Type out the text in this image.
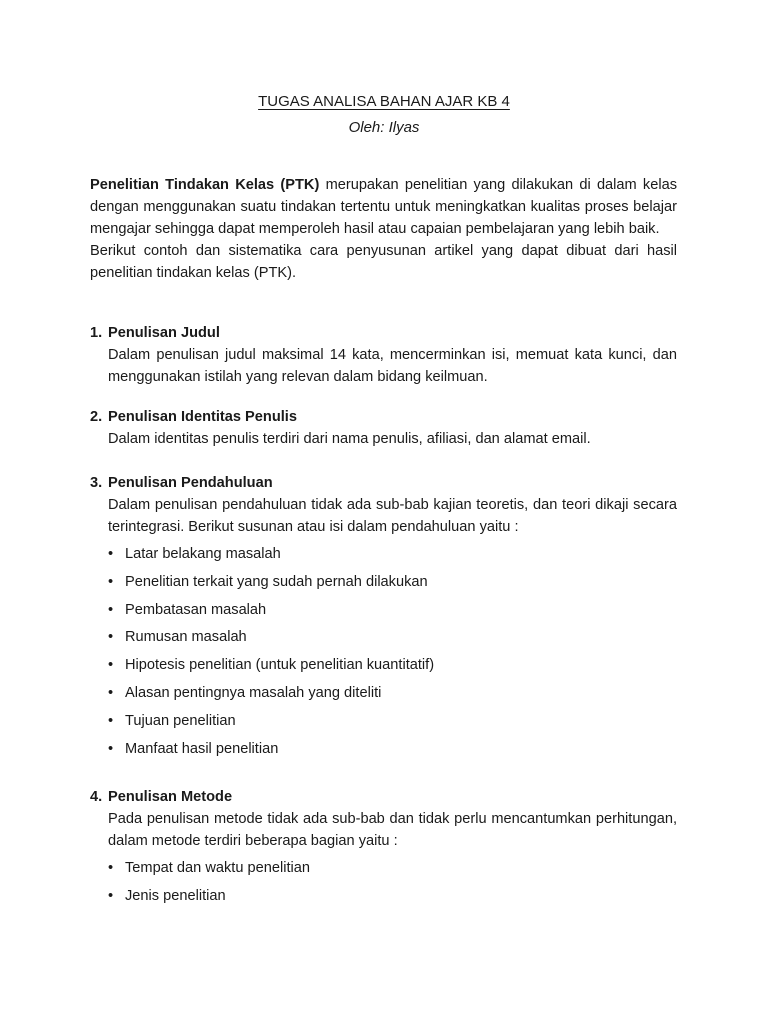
TUGAS ANALISA BAHAN AJAR KB 4
Oleh: Ilyas

Penelitian Tindakan Kelas (PTK) merupakan penelitian yang dilakukan di dalam kelas dengan menggunakan suatu tindakan tertentu untuk meningkatkan kualitas proses belajar mengajar sehingga dapat memperoleh hasil atau capaian pembelajaran yang lebih baik.

Berikut contoh dan sistematika cara penyusunan artikel yang dapat dibuat dari hasil penelitian tindakan kelas (PTK).

1. Penulisan Judul

Dalam penulisan judul maksimal 14 kata, mencerminkan isi, memuat kata kunci, dan menggunakan istilah yang relevan dalam bidang keilmuan.

2. Penulisan Identitas Penulis

Dalam identitas penulis terdiri dari nama penulis, afiliasi, dan alamat email.

3. Penulisan Pendahuluan

Dalam penulisan pendahuluan tidak ada sub-bab kajian teoretis, dan teori dikaji secara terintegrasi. Berikut susunan atau isi dalam pendahuluan yaitu :

• Latar belakang masalah
• Penelitian terkait yang sudah pernah dilakukan
• Pembatasan masalah
• Rumusan masalah
• Hipotesis penelitian (untuk penelitian kuantitatif)
• Alasan pentingnya masalah yang diteliti
• Tujuan penelitian
• Manfaat hasil penelitian

4. Penulisan Metode

Pada penulisan metode tidak ada sub-bab dan tidak perlu mencantumkan perhitungan, dalam metode terdiri beberapa bagian yaitu :

• Tempat dan waktu penelitian
• Jenis penelitian
